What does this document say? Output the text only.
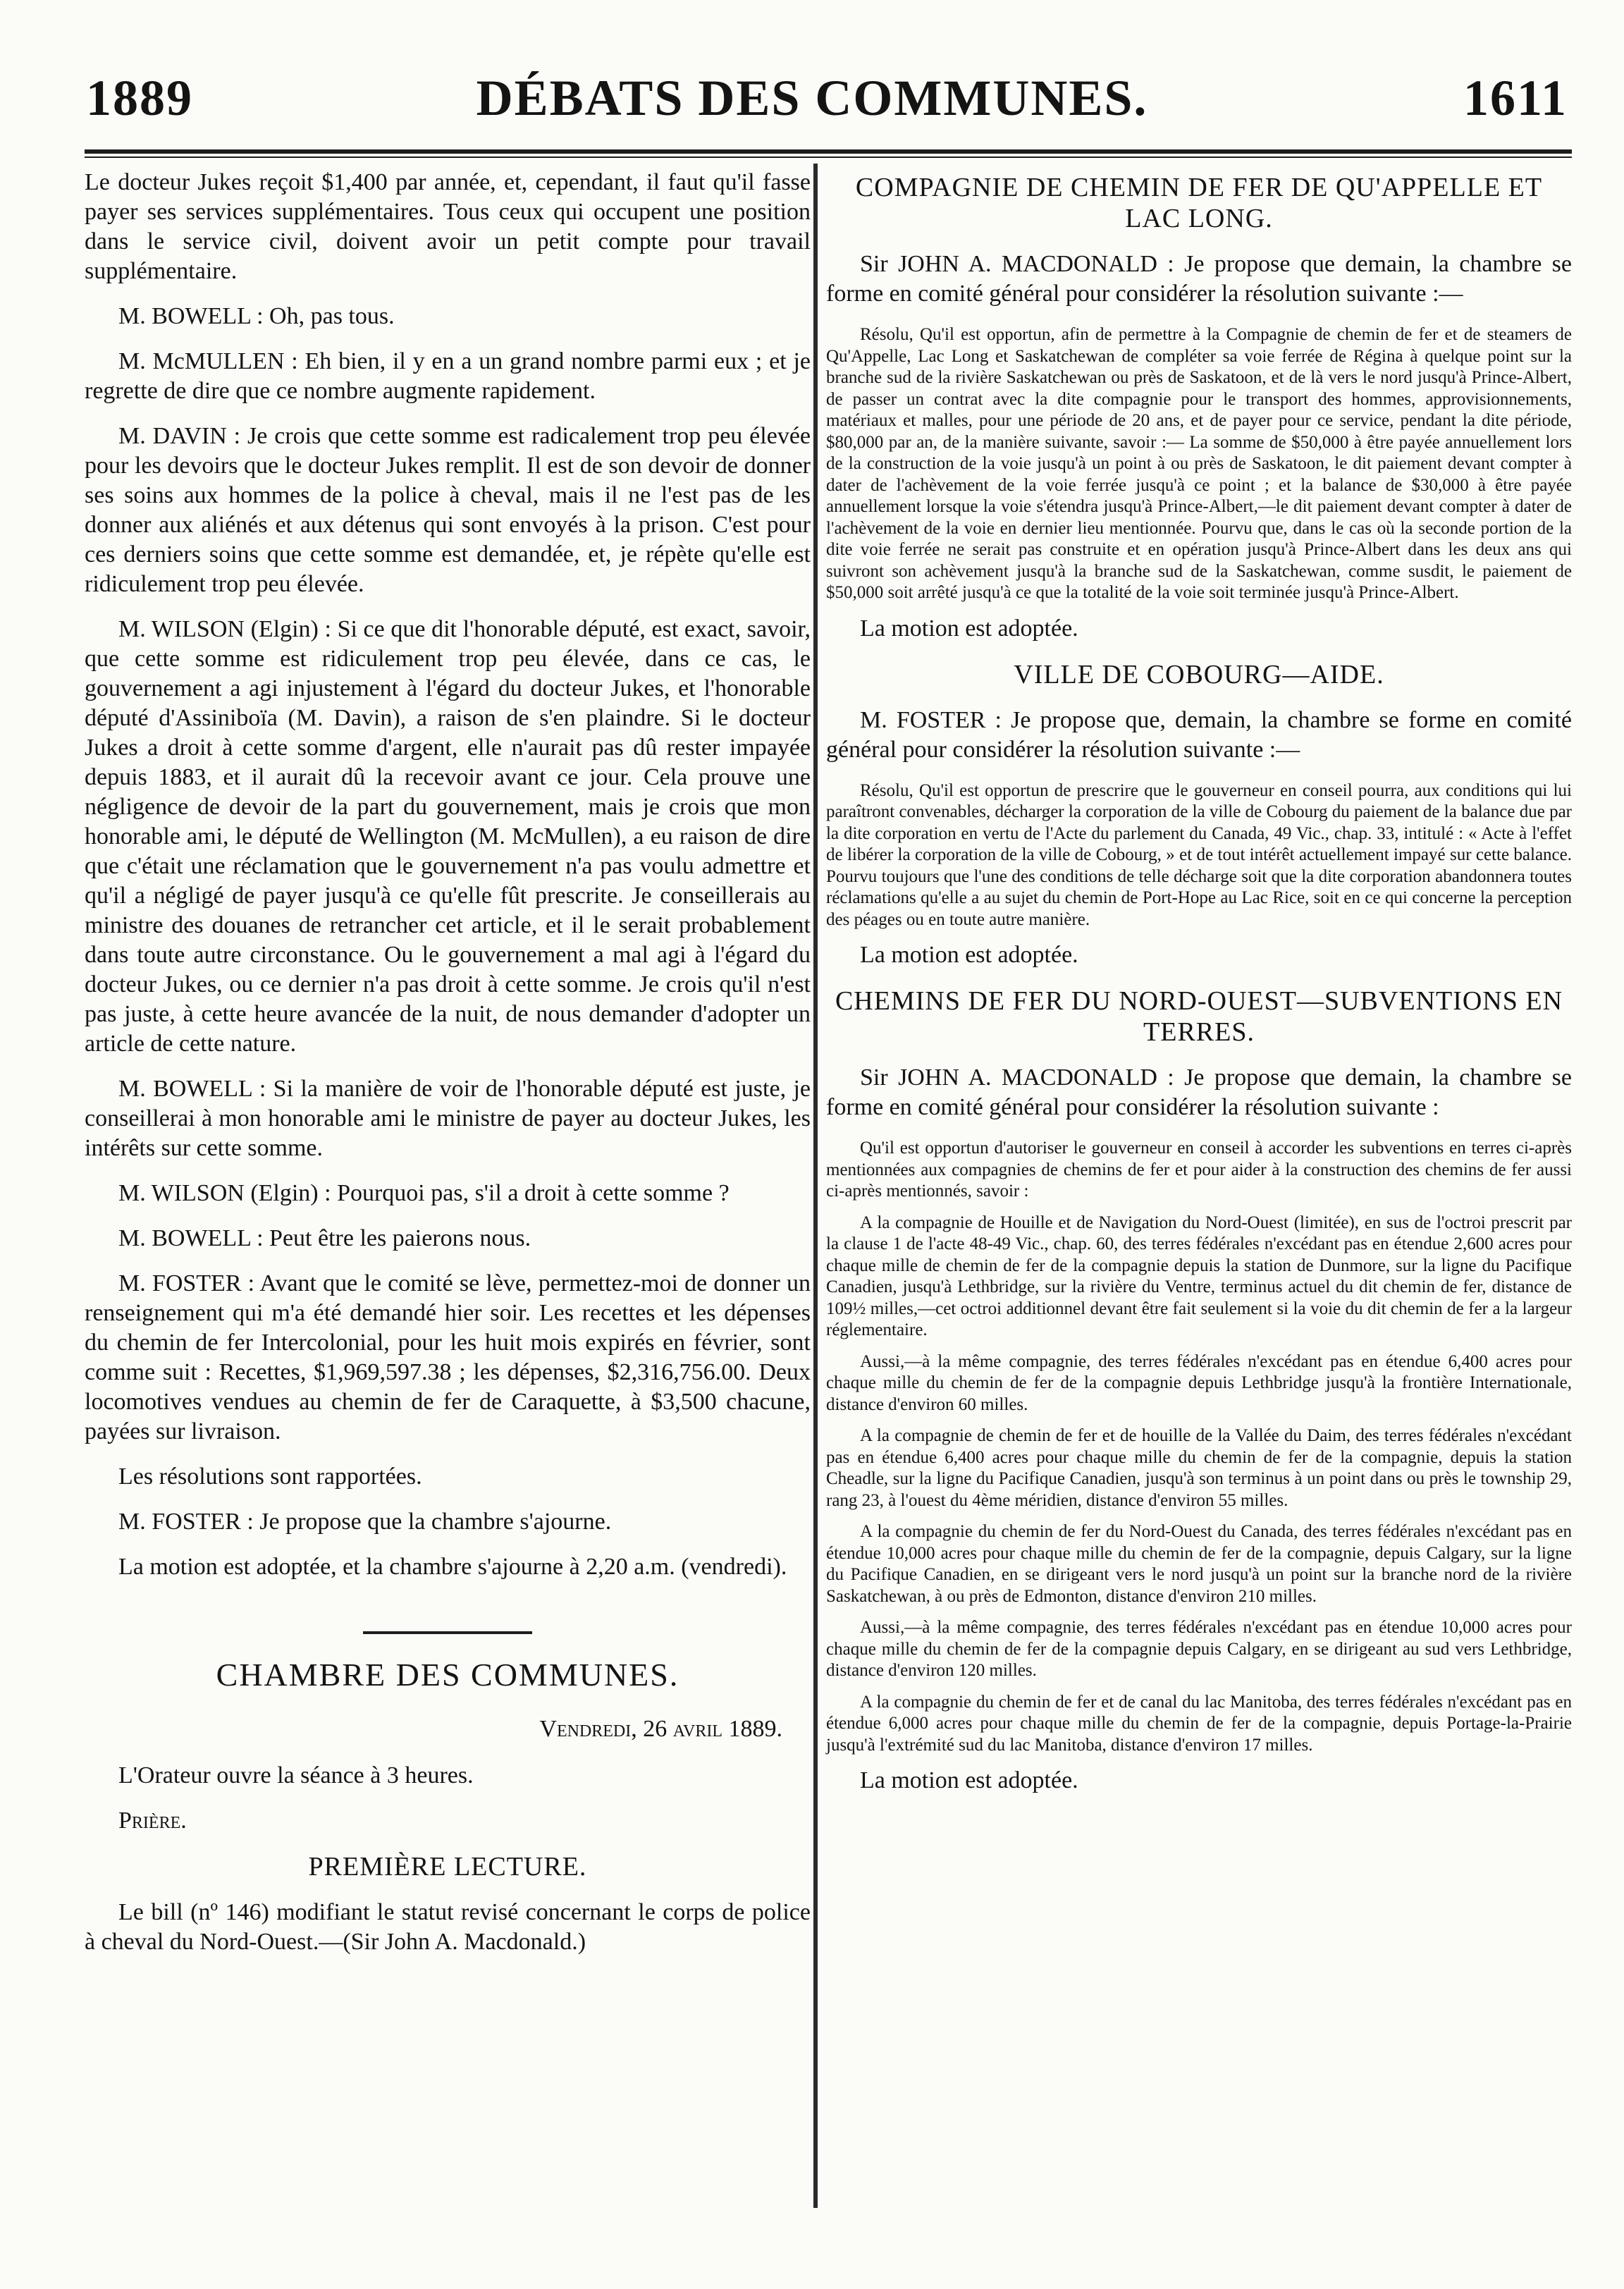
DÉBATS DES COMMUNES.
1889	1611

Le docteur Jukes reçoit $1,400 par année, et, cependant, il faut qu'il fasse payer ses services supplémentaires. Tous ceux qui occupent une position dans le service civil, doivent avoir un petit compte pour travail supplémentaire.

M. BOWELL : Oh, pas tous.

M. McMULLEN : Eh bien, il y en a un grand nombre parmi eux ; et je regrette de dire que ce nombre augmente rapidement.

M. DAVIN : Je crois que cette somme est radicalement trop peu élevée pour les devoirs que le docteur Jukes remplit. Il est de son devoir de donner ses soins aux hommes de la police à cheval, mais il ne l'est pas de les donner aux aliénés et aux détenus qui sont envoyés à la prison. C'est pour ces derniers soins que cette somme est demandée, et, je répète qu'elle est ridiculement trop peu élevée.

M. WILSON (Elgin) : Si ce que dit l'honorable député, est exact, savoir, que cette somme est ridiculement trop peu élevée, dans ce cas, le gouvernement a agi injustement à l'égard du docteur Jukes, et l'honorable député d'Assiniboïa (M. Davin), a raison de s'en plaindre. Si le docteur Jukes a droit à cette somme d'argent, elle n'aurait pas dû rester impayée depuis 1883, et il aurait dû la recevoir avant ce jour. Cela prouve une négligence de devoir de la part du gouvernement, mais je crois que mon honorable ami, le député de Wellington (M. McMullen), a eu raison de dire que c'était une réclamation que le gouvernement n'a pas voulu admettre et qu'il a négligé de payer jusqu'à ce qu'elle fût prescrite. Je conseillerais au ministre des douanes de retrancher cet article, et il le serait probablement dans toute autre circonstance. Ou le gouvernement a mal agi à l'égard du docteur Jukes, ou ce dernier n'a pas droit à cette somme. Je crois qu'il n'est pas juste, à cette heure avancée de la nuit, de nous demander d'adopter un article de cette nature.

M. BOWELL : Si la manière de voir de l'honorable député est juste, je conseillerai à mon honorable ami le ministre de payer au docteur Jukes, les intérêts sur cette somme.

M. WILSON (Elgin) : Pourquoi pas, s'il a droit à cette somme ?

M. BOWELL : Peut être les paierons nous.

M. FOSTER : Avant que le comité se lève, permettez-moi de donner un renseignement qui m'a été demandé hier soir. Les recettes et les dépenses du chemin de fer Intercolonial, pour les huit mois expirés en février, sont comme suit : Recettes, $1,969,597.38 ; les dépenses, $2,316,756.00. Deux locomotives vendues au chemin de fer de Caraquette, à $3,500 chacune, payées sur livraison.

Les résolutions sont rapportées.

M. FOSTER : Je propose que la chambre s'ajourne.

La motion est adoptée, et la chambre s'ajourne à 2,20 a.m. (vendredi).

CHAMBRE DES COMMUNES.
Vendredi, 26 avril 1889.

L'Orateur ouvre la séance à 3 heures.

Prière.

PREMIÈRE LECTURE.

Le bill (nº 146) modifiant le statut revisé concernant le corps de police à cheval du Nord-Ouest.—(Sir John A. Macdonald.)

COMPAGNIE DE CHEMIN DE FER DE QU'APPELLE ET LAC LONG.

Sir JOHN A. MACDONALD : Je propose que demain, la chambre se forme en comité général pour considérer la résolution suivante :—

Résolu, Qu'il est opportun, afin de permettre à la Compagnie de chemin de fer et de steamers de Qu'Appelle, Lac Long et Saskatchewan de compléter sa voie ferrée de Régina à quelque point sur la branche sud de la rivière Saskatchewan ou près de Saskatoon, et de là vers le nord jusqu'à Prince-Albert, de passer un contrat avec la dite compagnie pour le transport des hommes, approvisionnements, matériaux et malles, pour une période de 20 ans, et de payer pour ce service, pendant la dite période, $80,000 par an, de la manière suivante, savoir :— La somme de $50,000 à être payée annuellement lors de la construction de la voie jusqu'à un point à ou près de Saskatoon, le dit paiement devant compter à dater de l'achèvement de la voie ferrée jusqu'à ce point ; et la balance de $30,000 à être payée annuellement lorsque la voie s'étendra jusqu'à Prince-Albert,—le dit paiement devant compter à dater de l'achèvement de la voie en dernier lieu mentionnée. Pourvu que, dans le cas où la seconde portion de la dite voie ferrée ne serait pas construite et en opération jusqu'à Prince-Albert dans les deux ans qui suivront son achèvement jusqu'à la branche sud de la Saskatchewan, comme susdit, le paiement de $50,000 soit arrêté jusqu'à ce que la totalité de la voie soit terminée jusqu'à Prince-Albert.

La motion est adoptée.

VILLE DE COBOURG—AIDE.

M. FOSTER : Je propose que, demain, la chambre se forme en comité général pour considérer la résolution suivante :—

Résolu, Qu'il est opportun de prescrire que le gouverneur en conseil pourra, aux conditions qui lui paraîtront convenables, décharger la corporation de la ville de Cobourg du paiement de la balance due par la dite corporation en vertu de l'Acte du parlement du Canada, 49 Vic., chap. 33, intitulé : « Acte à l'effet de libérer la corporation de la ville de Cobourg, » et de tout intérêt actuellement impayé sur cette balance. Pourvu toujours que l'une des conditions de telle décharge soit que la dite corporation abandonnera toutes réclamations qu'elle a au sujet du chemin de Port-Hope au Lac Rice, soit en ce qui concerne la perception des péages ou en toute autre manière.

La motion est adoptée.

CHEMINS DE FER DU NORD-OUEST—SUBVENTIONS EN TERRES.

Sir JOHN A. MACDONALD : Je propose que demain, la chambre se forme en comité général pour considérer la résolution suivante :

Qu'il est opportun d'autoriser le gouverneur en conseil à accorder les subventions en terres ci-après mentionnées aux compagnies de chemins de fer et pour aider à la construction des chemins de fer aussi ci-après mentionnés, savoir :

A la compagnie de Houille et de Navigation du Nord-Ouest (limitée), en sus de l'octroi prescrit par la clause 1 de l'acte 48-49 Vic., chap. 60, des terres fédérales n'excédant pas en étendue 2,600 acres pour chaque mille de chemin de fer de la compagnie depuis la station de Dunmore, sur la ligne du Pacifique Canadien, jusqu'à Lethbridge, sur la rivière du Ventre, terminus actuel du dit chemin de fer, distance de 109½ milles,—cet octroi additionnel devant être fait seulement si la voie du dit chemin de fer a la largeur réglementaire.

Aussi,—à la même compagnie, des terres fédérales n'excédant pas en étendue 6,400 acres pour chaque mille du chemin de fer de la compagnie depuis Lethbridge jusqu'à la frontière Internationale, distance d'environ 60 milles.

A la compagnie de chemin de fer et de houille de la Vallée du Daim, des terres fédérales n'excédant pas en étendue 6,400 acres pour chaque mille du chemin de fer de la compagnie, depuis la station Cheadle, sur la ligne du Pacifique Canadien, jusqu'à son terminus à un point dans ou près le township 29, rang 23, à l'ouest du 4ème méridien, distance d'environ 55 milles.

A la compagnie du chemin de fer du Nord-Ouest du Canada, des terres fédérales n'excédant pas en étendue 10,000 acres pour chaque mille du chemin de fer de la compagnie, depuis Calgary, sur la ligne du Pacifique Canadien, en se dirigeant vers le nord jusqu'à un point sur la branche nord de la rivière Saskatchewan, à ou près de Edmonton, distance d'environ 210 milles.

Aussi,—à la même compagnie, des terres fédérales n'excédant pas en étendue 10,000 acres pour chaque mille du chemin de fer de la compagnie depuis Calgary, en se dirigeant au sud vers Lethbridge, distance d'environ 120 milles.

A la compagnie du chemin de fer et de canal du lac Manitoba, des terres fédérales n'excédant pas en étendue 6,000 acres pour chaque mille du chemin de fer de la compagnie, depuis Portage-la-Prairie jusqu'à l'extrémité sud du lac Manitoba, distance d'environ 17 milles.

La motion est adoptée.
